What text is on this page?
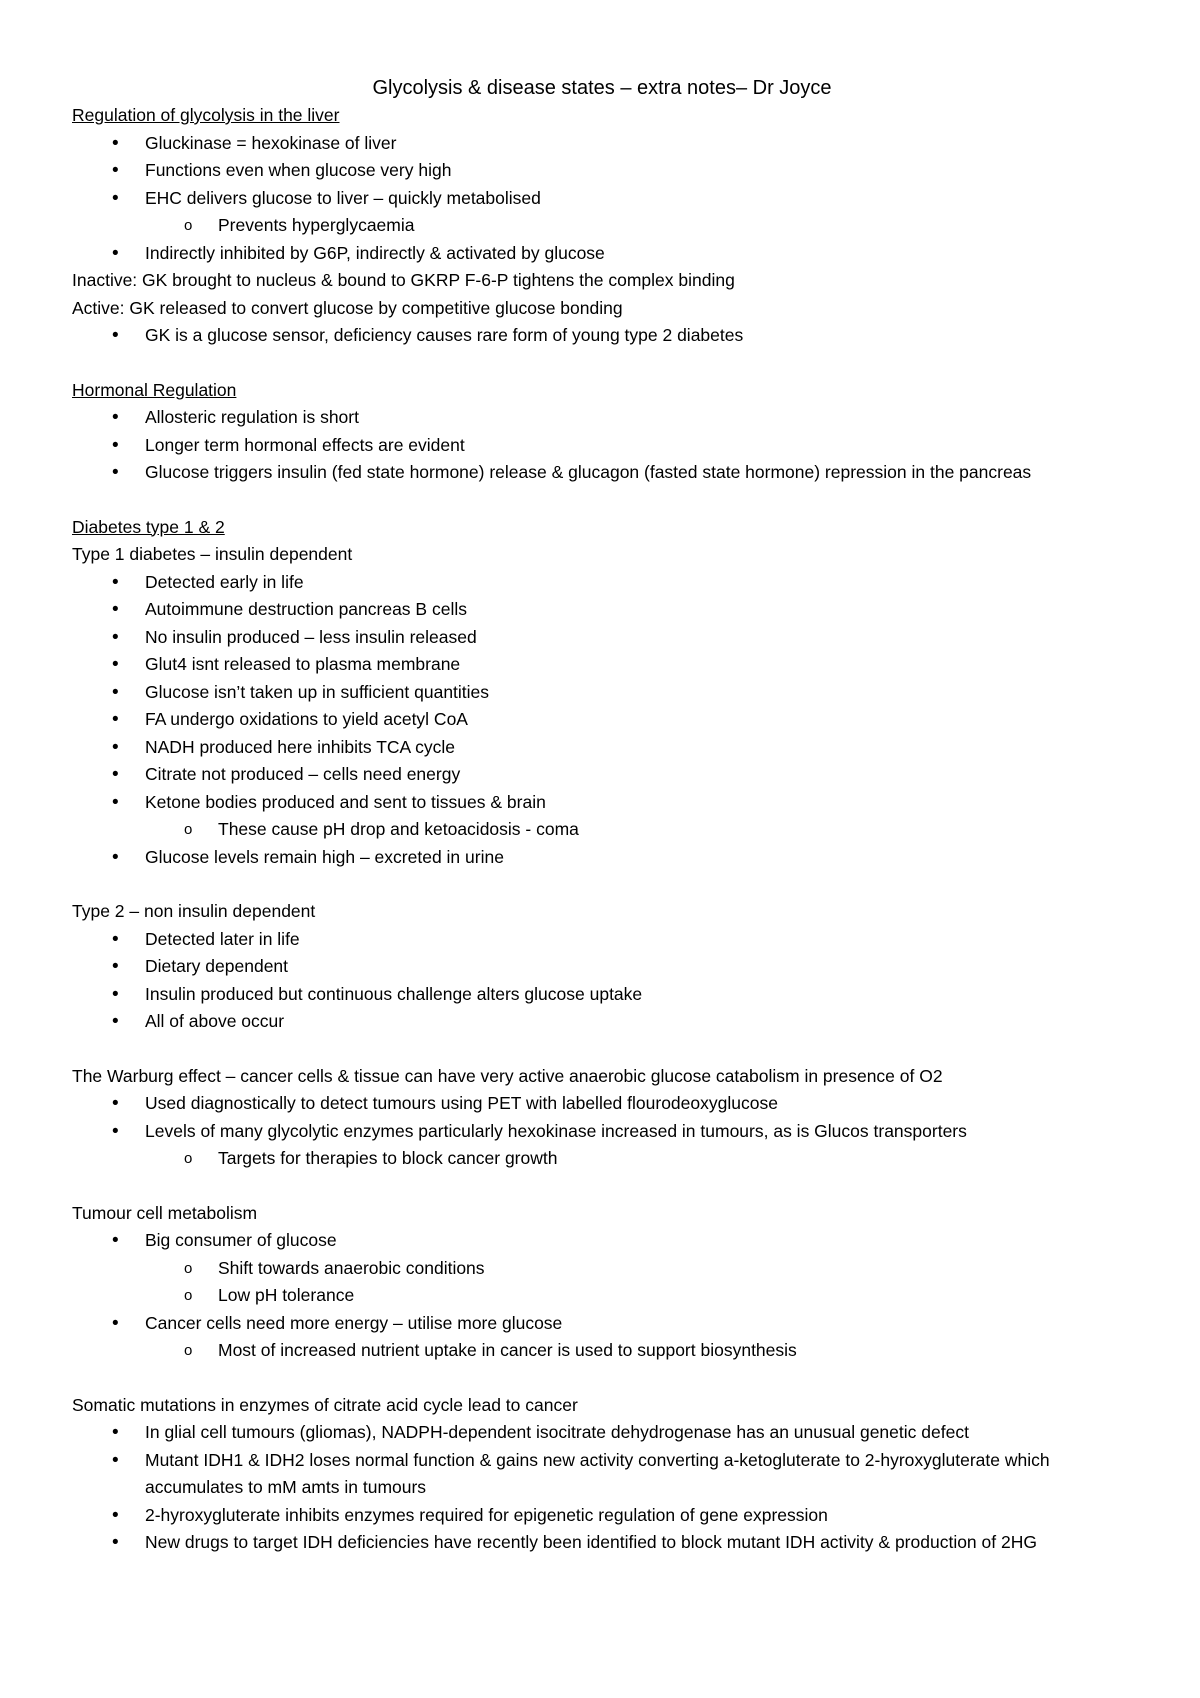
Glycolysis & disease states – extra notes– Dr Joyce
Regulation of glycolysis in the liver
• Gluckinase = hexokinase of liver
• Functions even when glucose very high
• EHC delivers glucose to liver – quickly metabolised
o Prevents hyperglycaemia
• Indirectly inhibited by G6P, indirectly & activated by glucose
Inactive: GK brought to nucleus & bound to GKRP F-6-P tightens the complex binding
Active: GK released to convert glucose by competitive glucose bonding
• GK is a glucose sensor, deficiency causes rare form of young type 2 diabetes
Hormonal Regulation
• Allosteric regulation is short
• Longer term hormonal effects are evident
• Glucose triggers insulin (fed state hormone) release & glucagon (fasted state hormone) repression in the pancreas
Diabetes type 1 & 2
Type 1 diabetes – insulin dependent
• Detected early in life
• Autoimmune destruction pancreas B cells
• No insulin produced – less insulin released
• Glut4 isnt released to plasma membrane
• Glucose isn’t taken up in sufficient quantities
• FA undergo oxidations to yield acetyl CoA
• NADH produced here inhibits TCA cycle
• Citrate not produced – cells need energy
• Ketone bodies produced and sent to tissues & brain
o These cause pH drop and ketoacidosis - coma
• Glucose levels remain high – excreted in urine
Type 2 – non insulin dependent
• Detected later in life
• Dietary dependent
• Insulin produced but continuous challenge alters glucose uptake
• All of above occur
The Warburg effect – cancer cells & tissue can have very active anaerobic glucose catabolism in presence of O2
• Used diagnostically to detect tumours using PET with labelled flourodeoxyglucose
• Levels of many glycolytic enzymes particularly hexokinase increased in tumours, as is Glucos transporters
o Targets for therapies to block cancer growth
Tumour cell metabolism
• Big consumer of glucose
o Shift towards anaerobic conditions
o Low pH tolerance
• Cancer cells need more energy – utilise more glucose
o Most of increased nutrient uptake in cancer is used to support biosynthesis
Somatic mutations in enzymes of citrate acid cycle lead to cancer
• In glial cell tumours (gliomas), NADPH-dependent isocitrate dehydrogenase has an unusual genetic defect
• Mutant IDH1 & IDH2 loses normal function & gains new activity converting a-ketogluterate to 2-hyroxygluterate which accumulates to mM amts in tumours
• 2-hyroxygluterate inhibits enzymes required for epigenetic regulation of gene expression
• New drugs to target IDH deficiencies have recently been identified to block mutant IDH activity & production of 2HG
